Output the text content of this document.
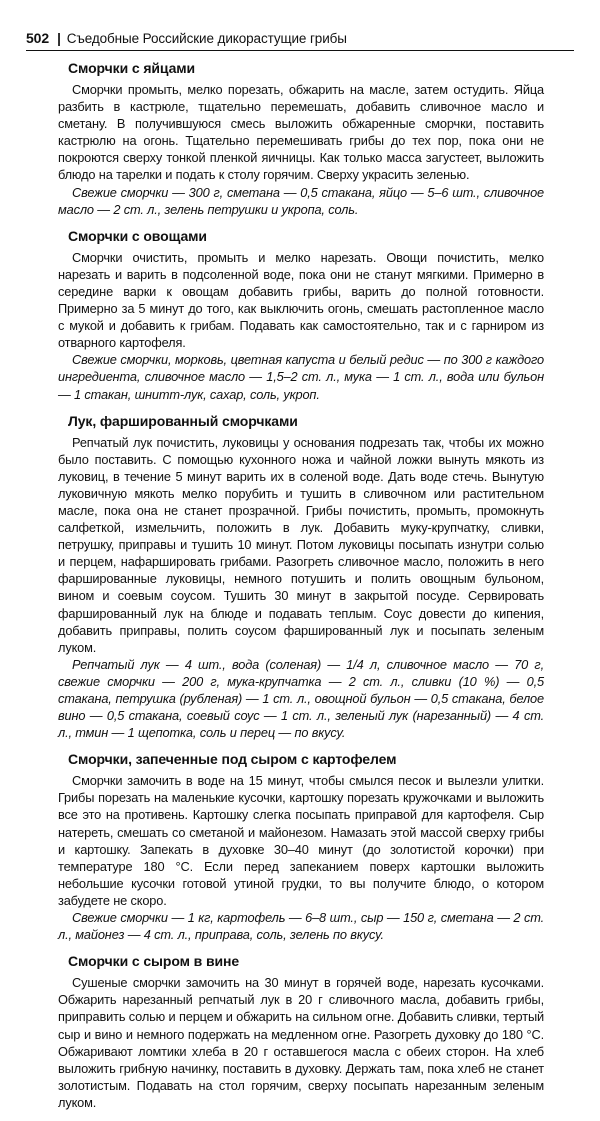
502 | Съедобные Российские дикорастущие грибы
Сморчки с яйцами

Сморчки промыть, мелко порезать, обжарить на масле, затем остудить. Яйца разбить в кастрюле, тщательно перемешать, добавить сливочное масло и сметану. В получившуюся смесь выложить обжаренные сморчки, поставить кастрюлю на огонь. Тщательно перемешивать грибы до тех пор, пока они не покроются сверху тонкой пленкой яичницы. Как только масса загустеет, выложить блюдо на тарелки и подать к столу горячим. Сверху украсить зеленью.

Свежие сморчки — 300 г, сметана — 0,5 стакана, яйцо — 5–6 шт., сливочное масло — 2 ст. л., зелень петрушки и укропа, соль.

Сморчки с овощами

Сморчки очистить, промыть и мелко нарезать. Овощи почистить, мелко нарезать и варить в подсоленной воде, пока они не станут мягкими. Примерно в середине варки к овощам добавить грибы, варить до полной готовности. Примерно за 5 минут до того, как выключить огонь, смешать растопленное масло с мукой и добавить к грибам. Подавать как самостоятельно, так и с гарниром из отварного картофеля.

Свежие сморчки, морковь, цветная капуста и белый редис — по 300 г каждого ингредиента, сливочное масло — 1,5–2 ст. л., мука — 1 ст. л., вода или бульон — 1 стакан, шнитт-лук, сахар, соль, укроп.

Лук, фаршированный сморчками

Репчатый лук почистить, луковицы у основания подрезать так, чтобы их можно было поставить. С помощью кухонного ножа и чайной ложки вынуть мякоть из луковиц, в течение 5 минут варить их в соленой воде. Дать воде стечь. Вынутую луковичную мякоть мелко порубить и тушить в сливочном или растительном масле, пока она не станет прозрачной. Грибы почистить, промыть, промокнуть салфеткой, измельчить, положить в лук. Добавить муку-крупчатку, сливки, петрушку, приправы и тушить 10 минут. Потом луковицы посыпать изнутри солью и перцем, нафаршировать грибами. Разогреть сливочное масло, положить в него фаршированные луковицы, немного потушить и полить овощным бульоном, вином и соевым соусом. Тушить 30 минут в закрытой посуде. Сервировать фаршированный лук на блюде и подавать теплым. Соус довести до кипения, добавить приправы, полить соусом фаршированный лук и посыпать зеленым луком.

Репчатый лук — 4 шт., вода (соленая) — 1/4 л, сливочное масло — 70 г, свежие сморчки — 200 г, мука-крупчатка — 2 ст. л., сливки (10 %) — 0,5 стакана, петрушка (рубленая) — 1 ст. л., овощной бульон — 0,5 стакана, белое вино — 0,5 стакана, соевый соус — 1 ст. л., зеленый лук (нарезанный) — 4 ст. л., тмин — 1 щепотка, соль и перец — по вкусу.

Сморчки, запеченные под сыром с картофелем

Сморчки замочить в воде на 15 минут, чтобы смылся песок и вылезли улитки. Грибы порезать на маленькие кусочки, картошку порезать кружочками и выложить все это на противень. Картошку слегка посыпать приправой для картофеля. Сыр натереть, смешать со сметаной и майонезом. Намазать этой массой сверху грибы и картошку. Запекать в духовке 30–40 минут (до золотистой корочки) при температуре 180 °С. Если перед запеканием поверх картошки выложить небольшие кусочки готовой утиной грудки, то вы получите блюдо, о котором забудете не скоро.

Свежие сморчки — 1 кг, картофель — 6–8 шт., сыр — 150 г, сметана — 2 ст. л., майонез — 4 ст. л., приправа, соль, зелень по вкусу.

Сморчки с сыром в вине

Сушеные сморчки замочить на 30 минут в горячей воде, нарезать кусочками. Обжарить нарезанный репчатый лук в 20 г сливочного масла, добавить грибы, приправить солью и перцем и обжарить на сильном огне. Добавить сливки, тертый сыр и вино и немного подержать на медленном огне. Разогреть духовку до 180 °С. Обжаривают ломтики хлеба в 20 г оставшегося масла с обеих сторон. На хлеб выложить грибную начинку, поставить в духовку. Держать там, пока хлеб не станет золотистым. Подавать на стол горячим, сверху посыпать нарезанным зеленым луком.
